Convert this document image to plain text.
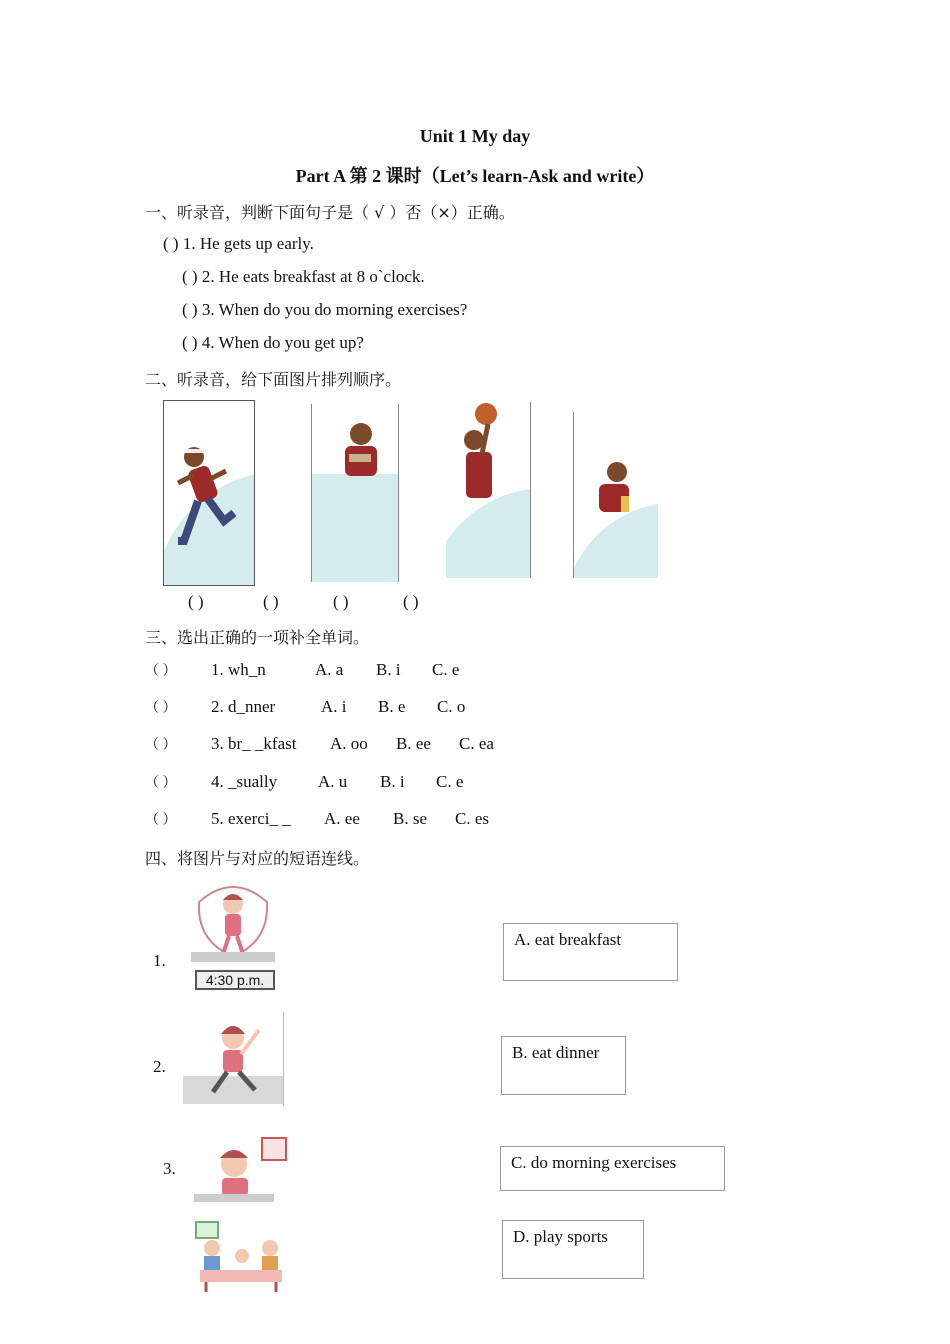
Unit 1 My day
Part A 第 2 课时（Let’s learn-Ask and write）
一、听录音，判断下面句子是（ √ ）否（×）正确。
( ) 1. He gets up early.
( ) 2. He eats breakfast at 8 o`clock.
( ) 3. When do you do morning exercises?
( ) 4. When do you get up?
二、听录音，给下面图片排列顺序。
( )	( )	( )	( )
三、选出正确的一项补全单词。
（ ） 1. wh_n	A. a B. i C. e
（ ） 2. d_nner	A. i B. e C. o
（ ） 3. br_ _kfast A. oo B. ee C. ea
（ ） 4. _sually A. u B. i C. e
（ ） 5. exerci_ _ A. ee B. se C. es
四、将图片与对应的短语连线。
1.
2.
3.
4:30 p.m.
A. eat breakfast
B. eat dinner
C. do morning exercises
D. play sports
